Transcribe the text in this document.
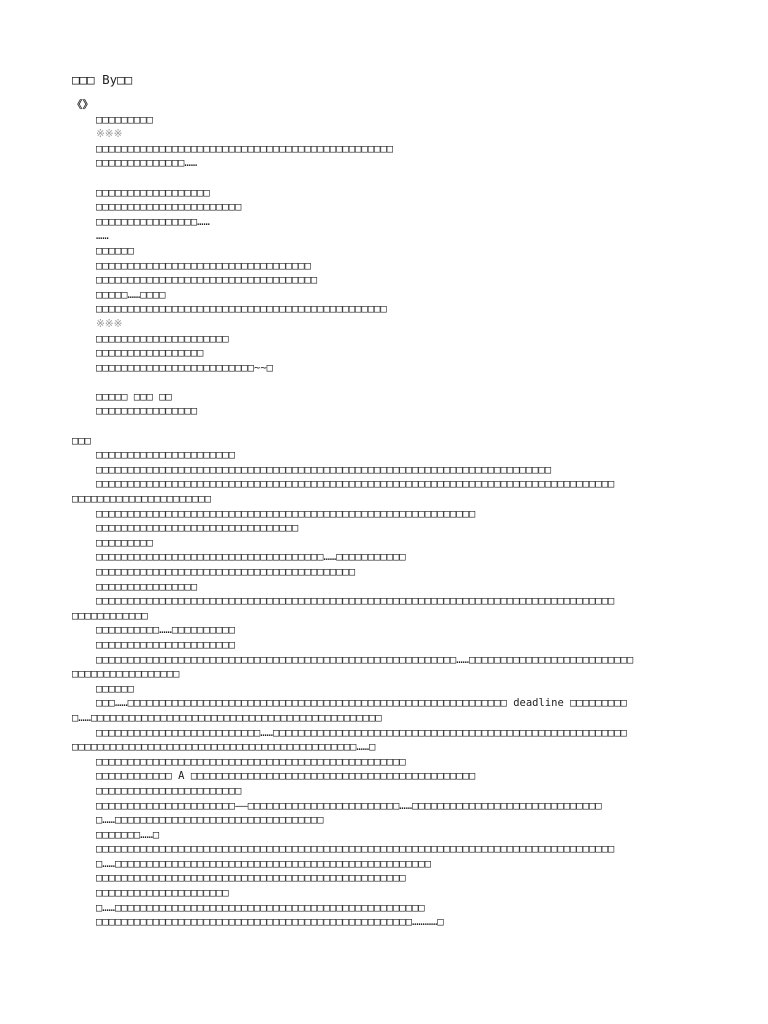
□□□ By□□
《》
□□□□□□□□□
※※※
□□□□□□□□□□□□□□□□□□□□□□□□□□□□□□□□□□□□□□□□□□□□□□□
□□□□□□□□□□□□□□……
□□□□□□□□□□□□□□□□□□
□□□□□□□□□□□□□□□□□□□□□□□
□□□□□□□□□□□□□□□□……
……
□□□□□□
□□□□□□□□□□□□□□□□□□□□□□□□□□□□□□□□□□
□□□□□□□□□□□□□□□□□□□□□□□□□□□□□□□□□□□
□□□□□……□□□□
□□□□□□□□□□□□□□□□□□□□□□□□□□□□□□□□□□□□□□□□□□□□□□
※※※
□□□□□□□□□□□□□□□□□□□□□
□□□□□□□□□□□□□□□□□
□□□□□□□□□□□□□□□□□□□□□□□□□~~□
□□□□□ □□□ □□
□□□□□□□□□□□□□□□□
□□□
□□□□□□□□□□□□□□□□□□□□□□
□□□□□□□□□□□□□□□□□□□□□□□□□□□□□□□□□□□□□□□□□□□□□□□□□□□□□□□□□□□□□□□□□□□□□□□□
□□□□□□□□□□□□□□□□□□□□□□□□□□□□□□□□□□□□□□□□□□□□□□□□□□□□□□□□□□□□□□□□□□□□□□□□□□□□□□□□□□
□□□□□□□□□□□□□□□□□□□□□□
□□□□□□□□□□□□□□□□□□□□□□□□□□□□□□□□□□□□□□□□□□□□□□□□□□□□□□□□□□□□
□□□□□□□□□□□□□□□□□□□□□□□□□□□□□□□□
□□□□□□□□□
□□□□□□□□□□□□□□□□□□□□□□□□□□□□□□□□□□□□……□□□□□□□□□□□
□□□□□□□□□□□□□□□□□□□□□□□□□□□□□□□□□□□□□□□□□
□□□□□□□□□□□□□□□□
□□□□□□□□□□□□□□□□□□□□□□□□□□□□□□□□□□□□□□□□□□□□□□□□□□□□□□□□□□□□□□□□□□□□□□□□□□□□□□□□□□
□□□□□□□□□□□□
□□□□□□□□□□……□□□□□□□□□□
□□□□□□□□□□□□□□□□□□□□□□
□□□□□□□□□□□□□□□□□□□□□□□□□□□□□□□□□□□□□□□□□□□□□□□□□□□□□□□□□……□□□□□□□□□□□□□□□□□□□□□□□□□□
□□□□□□□□□□□□□□□□□
□□□□□□
□□□……□□□□□□□□□□□□□□□□□□□□□□□□□□□□□□□□□□□□□□□□□□□□□□□□□□□□□□□□□□□□ deadline □□□□□□□□□
□……□□□□□□□□□□□□□□□□□□□□□□□□□□□□□□□□□□□□□□□□□□□□□□
□□□□□□□□□□□□□□□□□□□□□□□□□□……□□□□□□□□□□□□□□□□□□□□□□□□□□□□□□□□□□□□□□□□□□□□□□□□□□□□□□□□
□□□□□□□□□□□□□□□□□□□□□□□□□□□□□□□□□□□□□□□□□□□□□……□
□□□□□□□□□□□□□□□□□□□□□□□□□□□□□□□□□□□□□□□□□□□□□□□□□
□□□□□□□□□□□□ A □□□□□□□□□□□□□□□□□□□□□□□□□□□□□□□□□□□□□□□□□□□□□
□□□□□□□□□□□□□□□□□□□□□□□
□□□□□□□□□□□□□□□□□□□□□□——□□□□□□□□□□□□□□□□□□□□□□□□……□□□□□□□□□□□□□□□□□□□□□□□□□□□□□□
□……□□□□□□□□□□□□□□□□□□□□□□□□□□□□□□□□□
□□□□□□□……□
□□□□□□□□□□□□□□□□□□□□□□□□□□□□□□□□□□□□□□□□□□□□□□□□□□□□□□□□□□□□□□□□□□□□□□□□□□□□□□□□□□
□……□□□□□□□□□□□□□□□□□□□□□□□□□□□□□□□□□□□□□□□□□□□□□□□□□□
□□□□□□□□□□□□□□□□□□□□□□□□□□□□□□□□□□□□□□□□□□□□□□□□□
□□□□□□□□□□□□□□□□□□□□□
□……□□□□□□□□□□□□□□□□□□□□□□□□□□□□□□□□□□□□□□□□□□□□□□□□□
□□□□□□□□□□□□□□□□□□□□□□□□□□□□□□□□□□□□□□□□□□□□□□□□□□…………□
